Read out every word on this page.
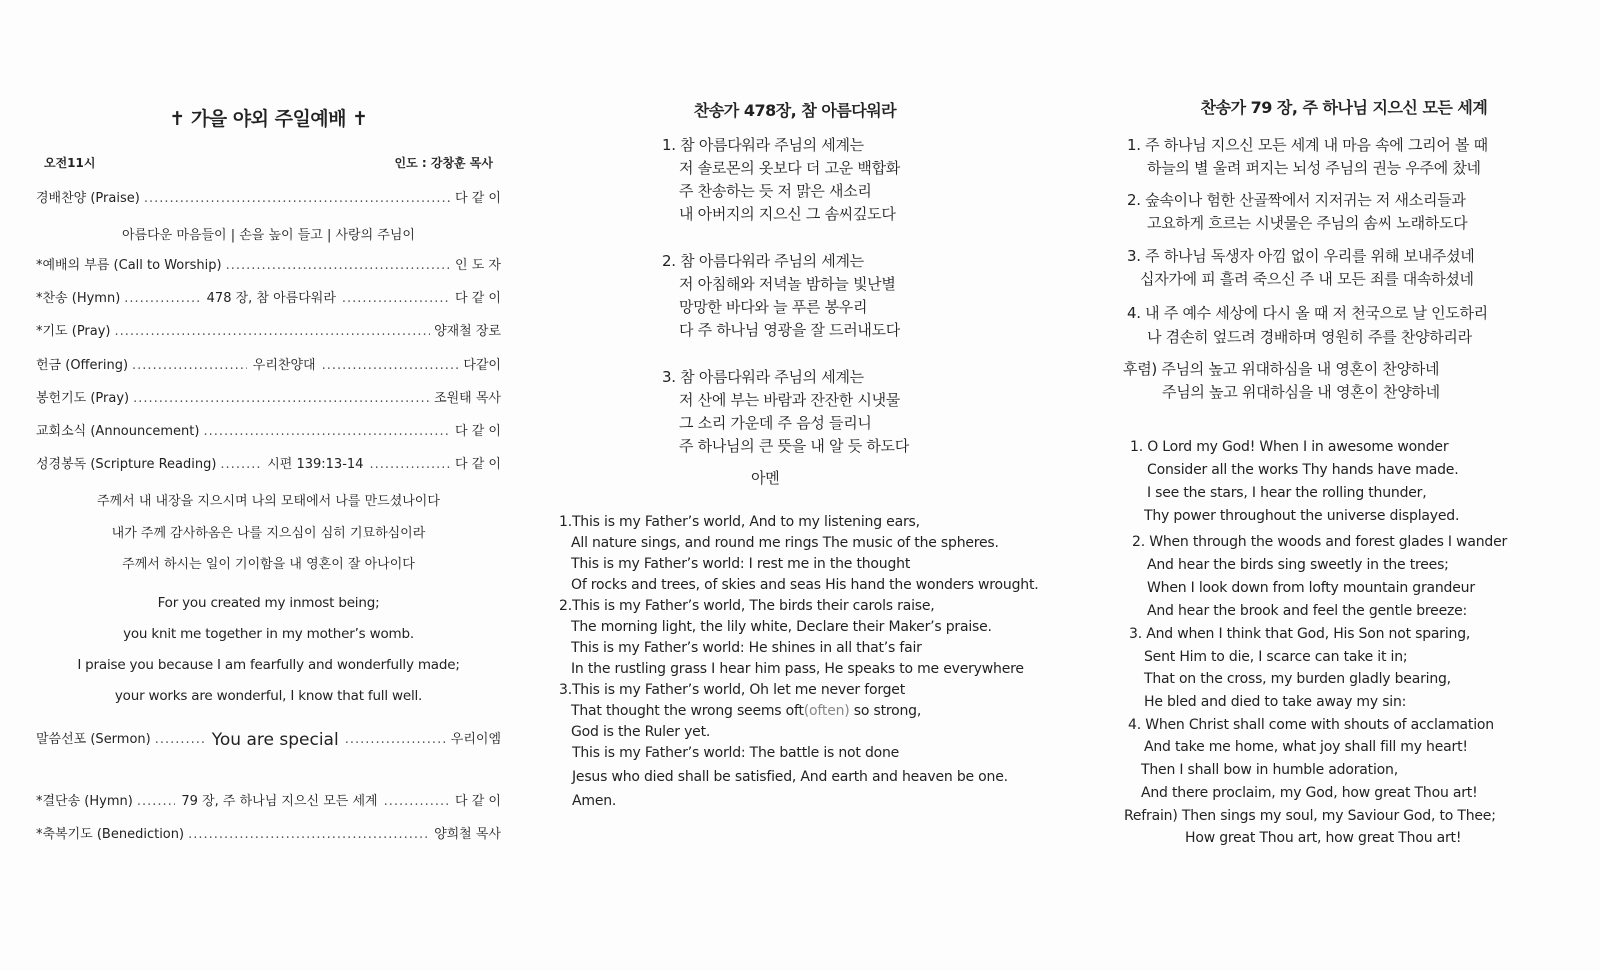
✝ 가을 야외 주일예배 ✝
오전11시	인도 : 강창훈 목사
경배찬양 (Praise) .....	다 같 이
아름다운 마음들이 | 손을 높이 들고 | 사랑의 주님이
*예배의 부름 (Call to Worship) .....	인 도 자
*찬송 (Hymn) .....	478 장, 참 아름다워라 .....	다 같 이
*기도 (Pray) .....	양재철 장로
헌금 (Offering) .....	우리찬양대 .....	다같이
봉헌기도 (Pray) .....	조원태 목사
교회소식 (Announcement) .....	다 같 이
성경봉독 (Scripture Reading) .....	시편 139:13-14 .....	다 같 이
주께서 내 내장을 지으시며 나의 모태에서 나를 만드셨나이다
내가 주께 감사하옴은 나를 지으심이 심히 기묘하심이라
주께서 하시는 일이 기이함을 내 영혼이 잘 아나이다
For you created my inmost being;
you knit me together in my mother’s womb.
I praise you because I am fearfully and wonderfully made;
your works are wonderful, I know that full well.
말씀선포 (Sermon) .....	You are special .....	우리이엠
*결단송 (Hymn) .....	79 장, 주 하나님 지으신 모든 세계 .....	다 같 이
*축복기도 (Benediction) .....	양희철 목사
찬송가 478장, 참 아름다워라
1. 참 아름다워라 주님의 세계는
저 솔로몬의 옷보다 더 고운 백합화
주 찬송하는 듯 저 맑은 새소리
내 아버지의 지으신 그 솜씨깊도다
2. 참 아름다워라 주님의 세계는
저 아침해와 저녁놀 밤하늘 빛난별
망망한 바다와 늘 푸른 봉우리
다 주 하나님 영광을 잘 드러내도다
3. 참 아름다워라 주님의 세계는
저 산에 부는 바람과 잔잔한 시냇물
그 소리 가운데 주 음성 들리니
주 하나님의 큰 뜻을 내 알 듯 하도다
아멘
1.This is my Father’s world, And to my listening ears,
All nature sings, and round me rings The music of the spheres.
This is my Father’s world: I rest me in the thought
Of rocks and trees, of skies and seas His hand the wonders wrought.
2.This is my Father’s world, The birds their carols raise,
The morning light, the lily white, Declare their Maker’s praise.
This is my Father’s world: He shines in all that’s fair
In the rustling grass I hear him pass, He speaks to me everywhere
3.This is my Father’s world, Oh let me never forget
That thought the wrong seems oft(often) so strong,
God is the Ruler yet.
This is my Father’s world: The battle is not done
Jesus who died shall be satisfied, And earth and heaven be one.
Amen.
찬송가 79 장, 주 하나님 지으신 모든 세계
1. 주 하나님 지으신 모든 세계 내 마음 속에 그리어 볼 때
하늘의 별 울려 퍼지는 뇌성 주님의 권능 우주에 찼네
2. 숲속이나 험한 산골짝에서 지저귀는 저 새소리들과
고요하게 흐르는 시냇물은 주님의 솜씨 노래하도다
3. 주 하나님 독생자 아낌 없이 우리를 위해 보내주셨네
십자가에 피 흘려 죽으신 주 내 모든 죄를 대속하셨네
4. 내 주 예수 세상에 다시 올 때 저 천국으로 날 인도하리
나 겸손히 엎드려 경배하며 영원히 주를 찬양하리라
후렴) 주님의 높고 위대하심을 내 영혼이 찬양하네
주님의 높고 위대하심을 내 영혼이 찬양하네
1. O Lord my God! When I in awesome wonder
Consider all the works Thy hands have made.
I see the stars, I hear the rolling thunder,
Thy power throughout the universe displayed.
2. When through the woods and forest glades I wander
And hear the birds sing sweetly in the trees;
When I look down from lofty mountain grandeur
And hear the brook and feel the gentle breeze:
3. And when I think that God, His Son not sparing,
Sent Him to die, I scarce can take it in;
That on the cross, my burden gladly bearing,
He bled and died to take away my sin:
4. When Christ shall come with shouts of acclamation
And take me home, what joy shall fill my heart!
Then I shall bow in humble adoration,
And there proclaim, my God, how great Thou art!
Refrain) Then sings my soul, my Saviour God, to Thee;
How great Thou art, how great Thou art!
